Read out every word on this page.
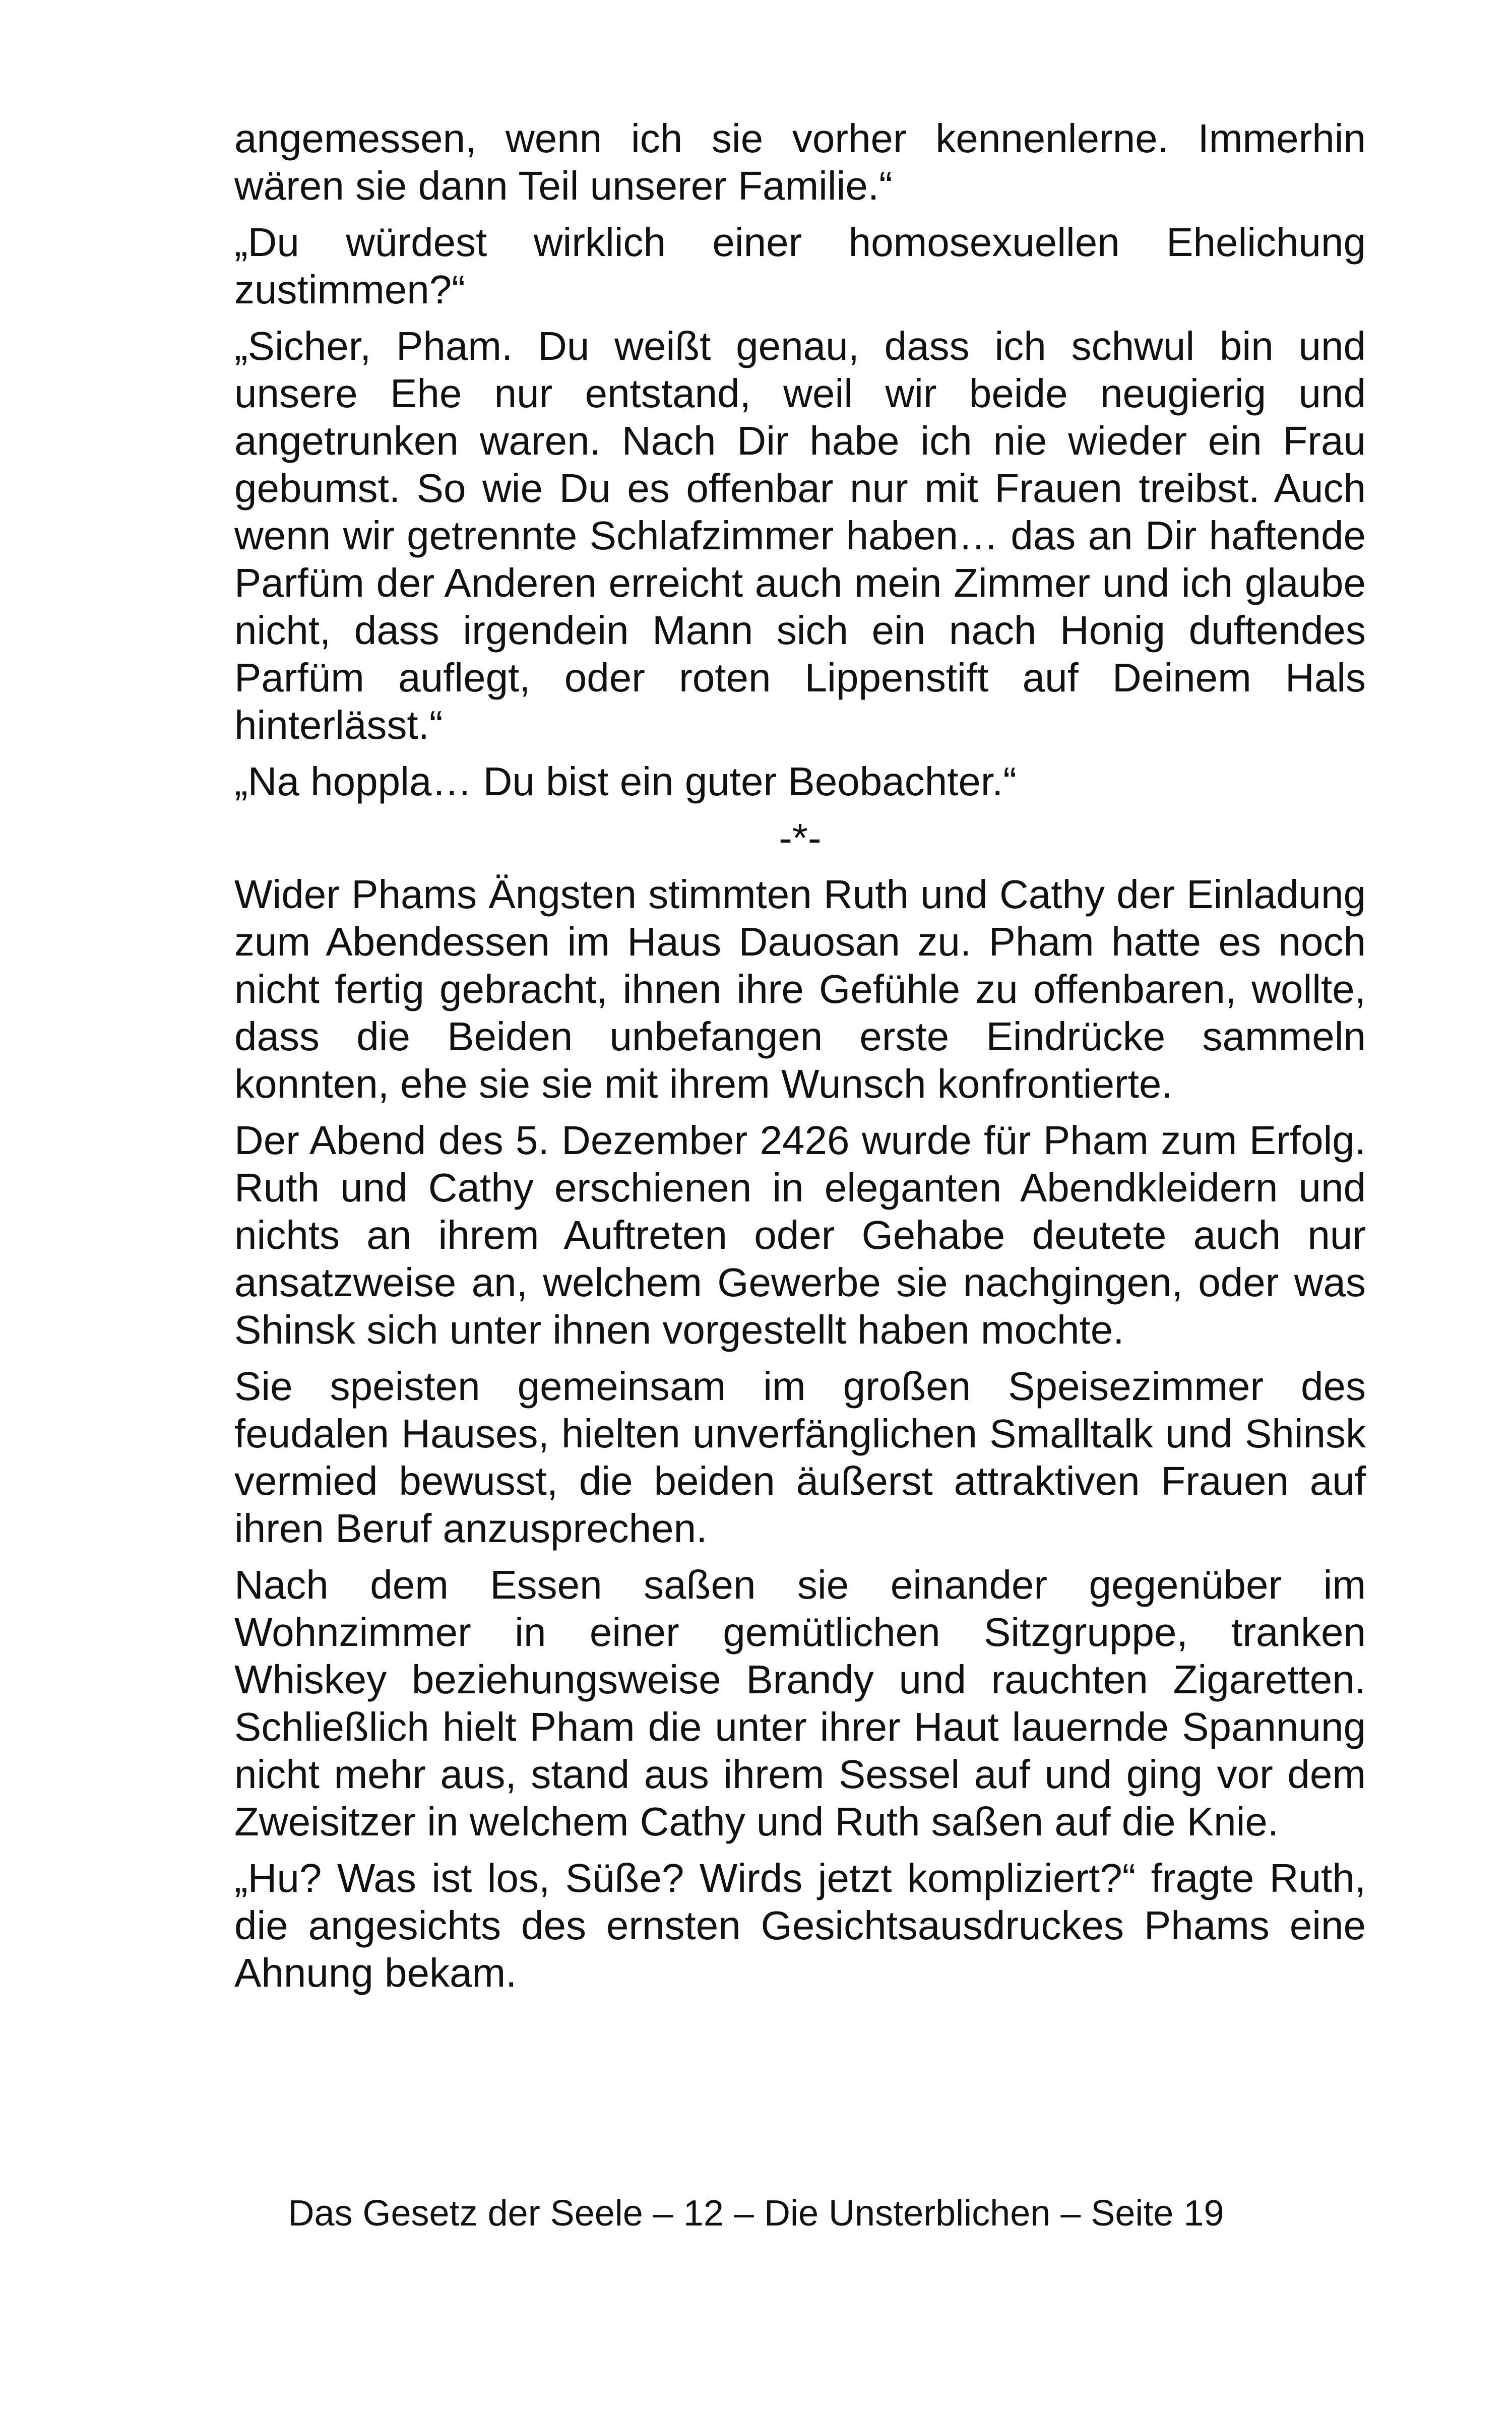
angemessen, wenn ich sie vorher kennenlerne. Immerhin wären sie dann Teil unserer Familie.“

„Du würdest wirklich einer homosexuellen Ehelichung zustimmen?“

„Sicher, Pham. Du weißt genau, dass ich schwul bin und unsere Ehe nur entstand, weil wir beide neugierig und angetrunken waren. Nach Dir habe ich nie wieder ein Frau gebumst. So wie Du es offenbar nur mit Frauen treibst. Auch wenn wir getrennte Schlafzimmer haben… das an Dir haftende Parfüm der Anderen erreicht auch mein Zimmer und ich glaube nicht, dass irgendein Mann sich ein nach Honig duftendes Parfüm auflegt, oder roten Lippenstift auf Deinem Hals hinterlässt.“

„Na hoppla… Du bist ein guter Beobachter.“

-*-

Wider Phams Ängsten stimmten Ruth und Cathy der Einladung zum Abendessen im Haus Dauosan zu. Pham hatte es noch nicht fertig gebracht, ihnen ihre Gefühle zu offenbaren, wollte, dass die Beiden unbefangen erste Eindrücke sammeln konnten, ehe sie sie mit ihrem Wunsch konfrontierte.

Der Abend des 5. Dezember 2426 wurde für Pham zum Erfolg. Ruth und Cathy erschienen in eleganten Abendkleidern und nichts an ihrem Auftreten oder Gehabe deutete auch nur ansatzweise an, welchem Gewerbe sie nachgingen, oder was Shinsk sich unter ihnen vorgestellt haben mochte.

Sie speisten gemeinsam im großen Speisezimmer des feudalen Hauses, hielten unverfänglichen Smalltalk und Shinsk vermied bewusst, die beiden äußerst attraktiven Frauen auf ihren Beruf anzusprechen.

Nach dem Essen saßen sie einander gegenüber im Wohnzimmer in einer gemütlichen Sitzgruppe, tranken Whiskey beziehungsweise Brandy und rauchten Zigaretten. Schließlich hielt Pham die unter ihrer Haut lauernde Spannung nicht mehr aus, stand aus ihrem Sessel auf und ging vor dem Zweisitzer in welchem Cathy und Ruth saßen auf die Knie.

„Hu? Was ist los, Süße? Wirds jetzt kompliziert?“ fragte Ruth, die angesichts des ernsten Gesichtsausdruckes Phams eine Ahnung bekam.

Das Gesetz der Seele – 12 – Die Unsterblichen – Seite 19
